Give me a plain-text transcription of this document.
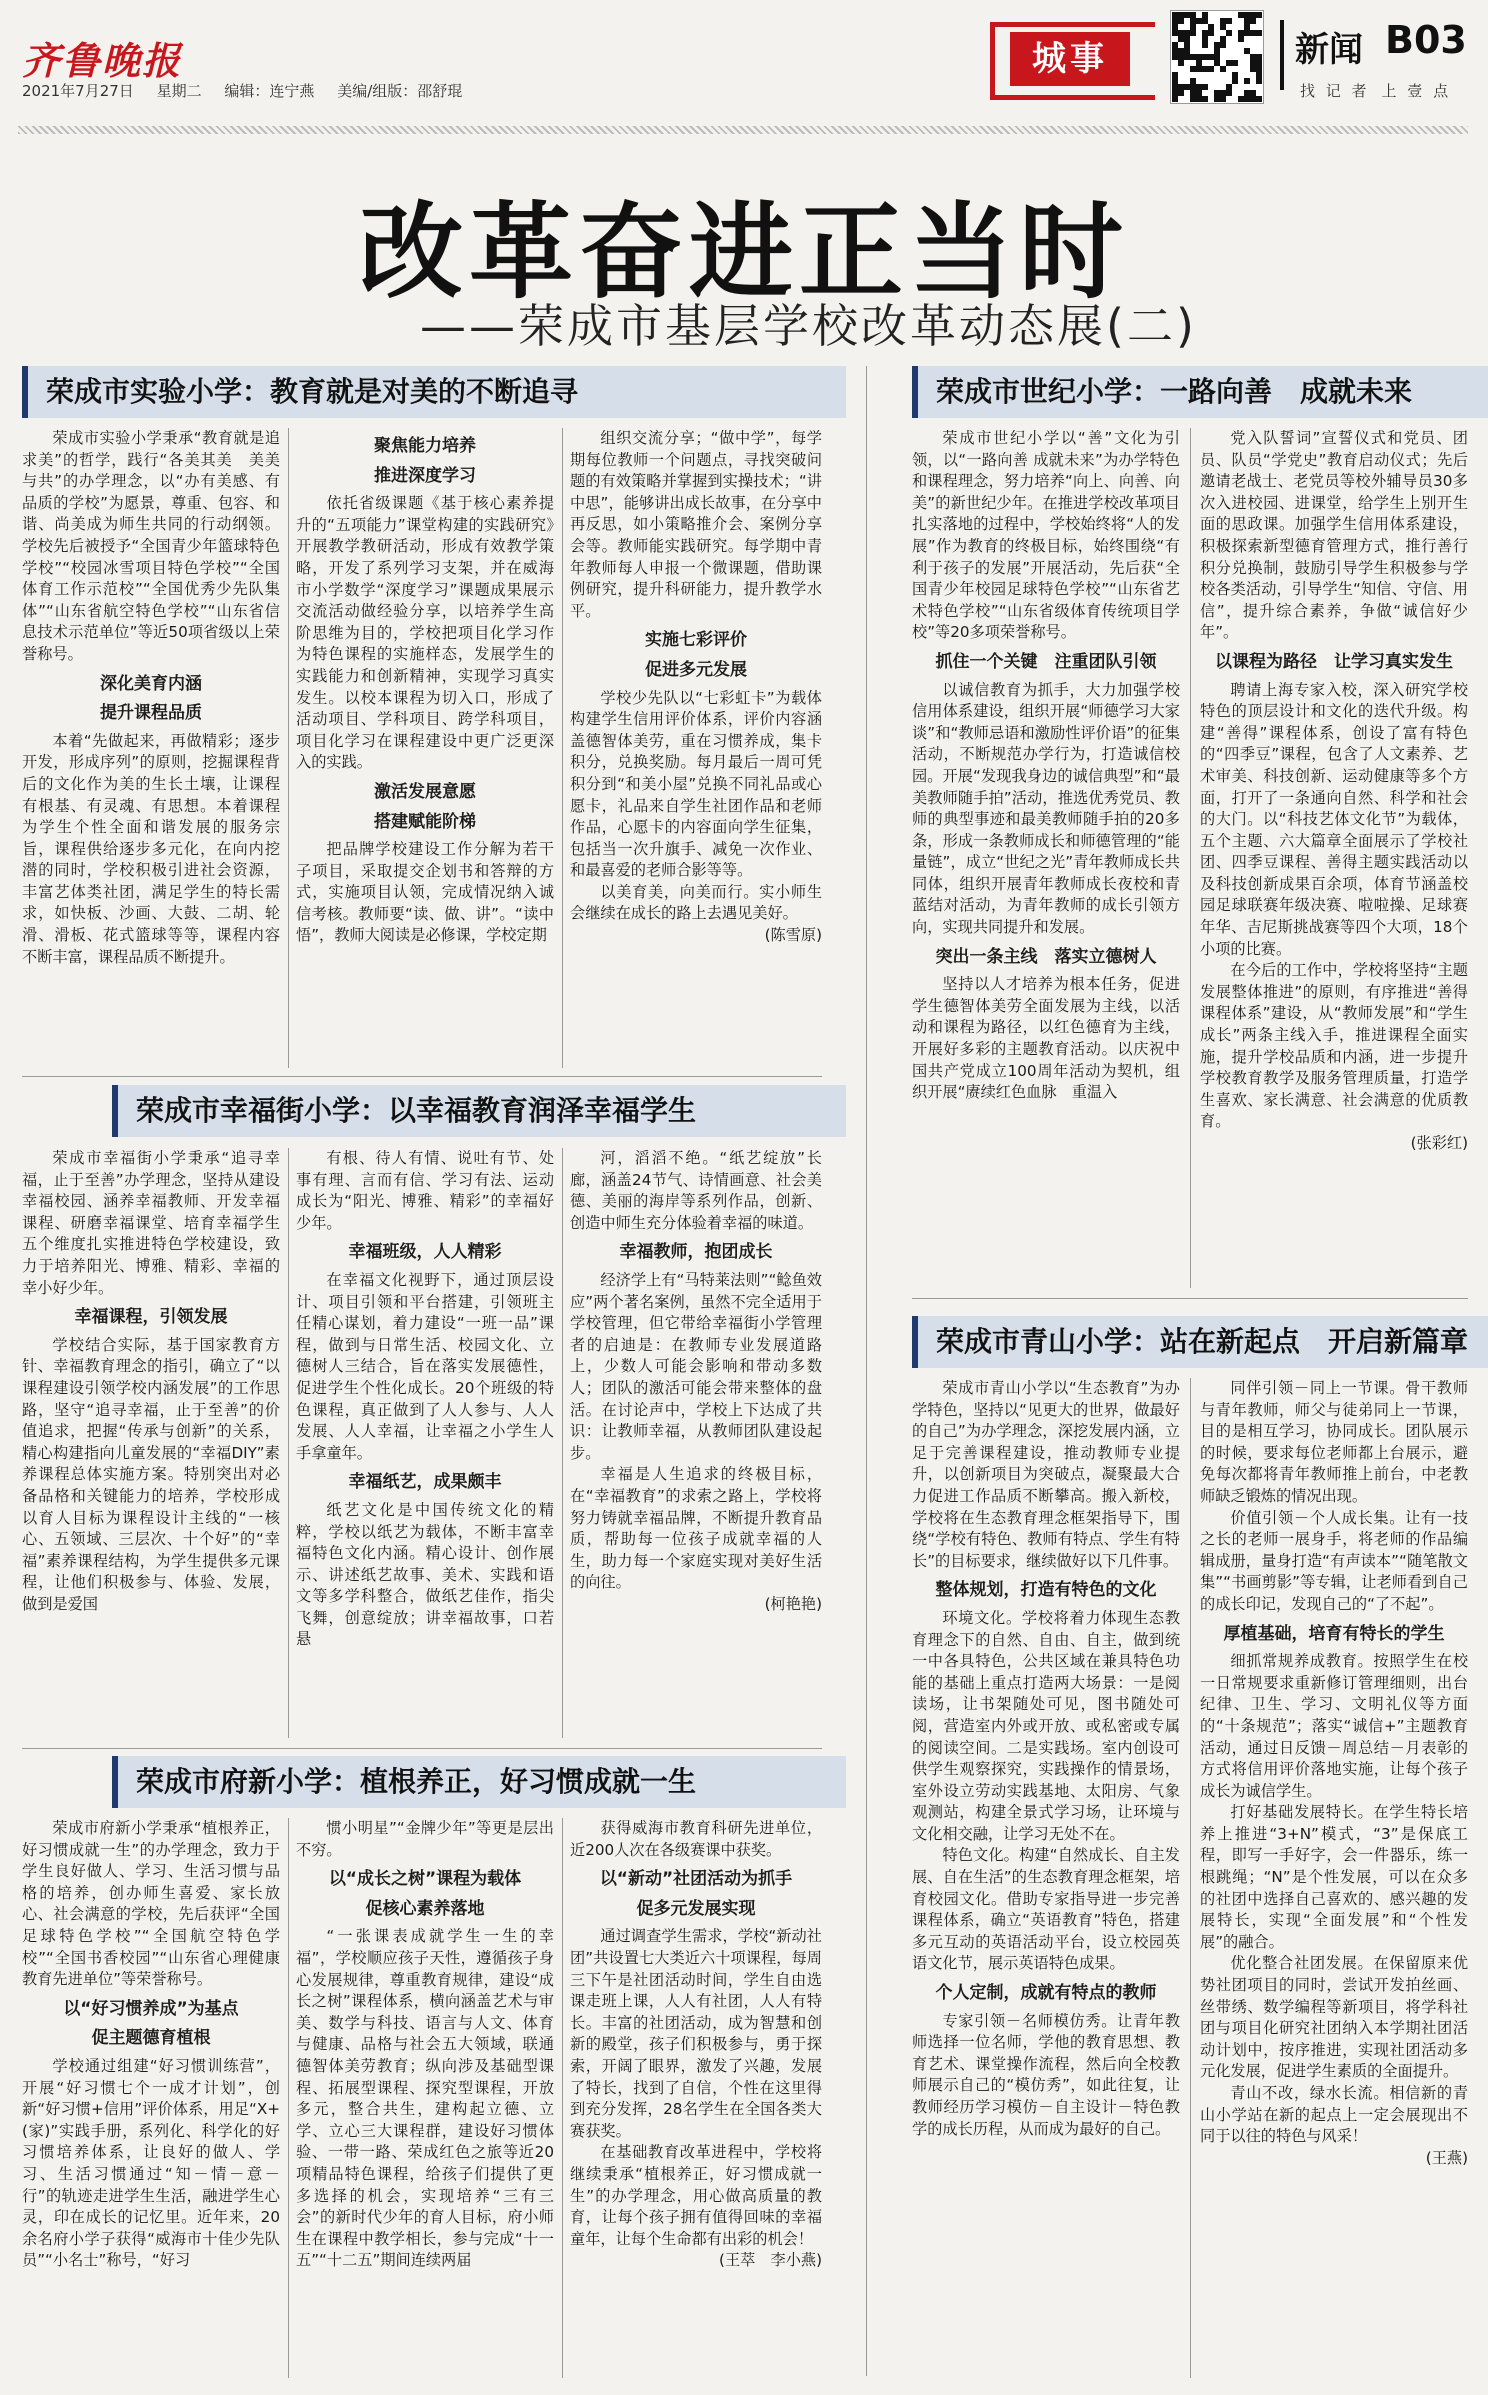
齐鲁晚报
2021年7月27日 星期二 编辑：连宁燕 美编/组版：邵舒琨
城事	新闻 B03
找 记 者　上 壹 点
改革奋进正当时
——荣成市基层学校改革动态展(二)
荣成市实验小学：教育就是对美的不断追寻

荣成市实验小学秉承“教育就是追求美”的哲学，践行“各美其美　美美与共”的办学理念，以“办有美感、有品质的学校”为愿景，尊重、包容、和谐、尚美成为师生共同的行动纲领。学校先后被授予“全国青少年篮球特色学校”“校园冰雪项目特色学校”“全国体育工作示范校”“全国优秀少先队集体”“山东省航空特色学校”“山东省信息技术示范单位”等近50项省级以上荣誉称号。

深化美育内涵
提升课程品质

本着“先做起来，再做精彩；逐步开发，形成序列”的原则，挖掘课程背后的文化作为美的生长土壤，让课程有根基、有灵魂、有思想。本着课程为学生个性全面和谐发展的服务宗旨，课程供给逐步多元化，在向内挖潜的同时，学校积极引进社会资源，丰富艺体类社团，满足学生的特长需求，如快板、沙画、大鼓、二胡、轮滑、滑板、花式篮球等等，课程内容不断丰富，课程品质不断提升。

聚焦能力培养
推进深度学习

依托省级课题《基于核心素养提升的“五项能力”课堂构建的实践研究》开展教学教研活动，形成有效教学策略，开发了系列学习支架，并在威海市小学数学“深度学习”课题成果展示交流活动做经验分享，以培养学生高阶思维为目的，学校把项目化学习作为特色课程的实施样态，发展学生的实践能力和创新精神，实现学习真实发生。以校本课程为切入口，形成了活动项目、学科项目、跨学科项目，项目化学习在课程建设中更广泛更深入的实践。

激活发展意愿
搭建赋能阶梯

把品牌学校建设工作分解为若干子项目，采取提交企划书和答辩的方式，实施项目认领，完成情况纳入诚信考核。教师要“读、做、讲”。“读中悟”，教师大阅读是必修课，学校定期

组织交流分享；“做中学”，每学期每位教师一个问题点，寻找突破问题的有效策略并掌握到实操技术；“讲中思”，能够讲出成长故事，在分享中再反思，如小策略推介会、案例分享会等。教师能实践研究。每学期中青年教师每人申报一个微课题，借助课例研究，提升科研能力，提升教学水平。

实施七彩评价
促进多元发展

学校少先队以“七彩虹卡”为载体构建学生信用评价体系，评价内容涵盖德智体美劳，重在习惯养成，集卡积分，兑换奖励。每月最后一周可凭积分到“和美小屋”兑换不同礼品或心愿卡，礼品来自学生社团作品和老师作品，心愿卡的内容面向学生征集，包括当一次升旗手、减免一次作业、和最喜爱的老师合影等等。

以美育美，向美而行。实小师生会继续在成长的路上去遇见美好。

(陈雪原)

荣成市世纪小学：一路向善　成就未来

荣成市世纪小学以“善”文化为引领，以“一路向善 成就未来”为办学特色和课程理念，努力培养“向上、向善、向美”的新世纪少年。在推进学校改革项目扎实落地的过程中，学校始终将“人的发展”作为教育的终极目标，始终围绕“有利于孩子的发展”开展活动，先后获“全国青少年校园足球特色学校”“山东省艺术特色学校”“山东省级体育传统项目学校”等20多项荣誉称号。

抓住一个关键　注重团队引领

以诚信教育为抓手，大力加强学校信用体系建设，组织开展“师德学习大家谈”和“教师忌语和激励性评价语”的征集活动，不断规范办学行为，打造诚信校园。开展“发现我身边的诚信典型”和“最美教师随手拍”活动，推选优秀党员、教师的典型事迹和最美教师随手拍的20多条，形成一条教师成长和师德管理的“能量链”，成立“世纪之光”青年教师成长共同体，组织开展青年教师成长夜校和青蓝结对活动，为青年教师的成长引领方向，实现共同提升和发展。

突出一条主线　落实立德树人

坚持以人才培养为根本任务，促进学生德智体美劳全面发展为主线，以活动和课程为路径，以红色德育为主线，开展好多彩的主题教育活动。以庆祝中国共产党成立100周年活动为契机，组织开展“赓续红色血脉　重温入

党入队誓词”宣誓仪式和党员、团员、队员“学党史”教育启动仪式；先后邀请老战士、老党员等校外辅导员30多次入进校园、进课堂，给学生上别开生面的思政课。加强学生信用体系建设，积极探索新型德育管理方式，推行善行积分兑换制，鼓励引导学生积极参与学校各类活动，引导学生“知信、守信、用信”，提升综合素养，争做“诚信好少年”。

以课程为路径　让学习真实发生

聘请上海专家入校，深入研究学校特色的顶层设计和文化的迭代升级。构建“善得”课程体系，创设了富有特色的“四季豆”课程，包含了人文素养、艺术审美、科技创新、运动健康等多个方面，打开了一条通向自然、科学和社会的大门。以“科技艺体文化节”为载体，五个主题、六大篇章全面展示了学校社团、四季豆课程、善得主题实践活动以及科技创新成果百余项，体育节涵盖校园足球联赛年级决赛、啦啦操、足球赛年华、吉尼斯挑战赛等四个大项，18个小项的比赛。

在今后的工作中，学校将坚持“主题发展整体推进”的原则，有序推进“善得课程体系”建设，从“教师发展”和“学生成长”两条主线入手，推进课程全面实施，提升学校品质和内涵，进一步提升学校教育教学及服务管理质量，打造学生喜欢、家长满意、社会满意的优质教育。

(张彩红)

荣成市幸福街小学：以幸福教育润泽幸福学生

荣成市幸福街小学秉承“追寻幸福，止于至善”办学理念，坚持从建设幸福校园、涵养幸福教师、开发幸福课程、研磨幸福课堂、培育幸福学生五个维度扎实推进特色学校建设，致力于培养阳光、博雅、精彩、幸福的幸小好少年。

幸福课程，引领发展

学校结合实际，基于国家教育方针、幸福教育理念的指引，确立了“以课程建设引领学校内涵发展”的工作思路，坚守“追寻幸福，止于至善”的价值追求，把握“传承与创新”的关系，精心构建指向儿童发展的“幸福DIY”素养课程总体实施方案。特别突出对必备品格和关键能力的培养，学校形成以育人目标为课程设计主线的“一核心、五领域、三层次、十个好”的“幸福”素养课程结构，为学生提供多元课程，让他们积极参与、体验、发展，做到是爱国

有根、待人有情、说吐有节、处事有理、言而有信、学习有法、运动成长为“阳光、博雅、精彩”的幸福好少年。

幸福班级，人人精彩

在幸福文化视野下，通过顶层设计、项目引领和平台搭建，引领班主任精心谋划，着力建设“一班一品”课程，做到与日常生活、校园文化、立德树人三结合，旨在落实发展德性，促进学生个性化成长。20个班级的特色课程，真正做到了人人参与、人人发展、人人幸福，让幸福之小学生人手拿童年。

幸福纸艺，成果颇丰

纸艺文化是中国传统文化的精粹，学校以纸艺为载体，不断丰富幸福特色文化内涵。精心设计、创作展示、讲述纸艺故事、美术、实践和语文等多学科整合，做纸艺佳作，指尖飞舞，创意绽放；讲幸福故事，口若悬

河，滔滔不绝。“纸艺绽放”长廊，涵盖24节气、诗情画意、社会美德、美丽的海岸等系列作品，创新、创造中师生充分体验着幸福的味道。

幸福教师，抱团成长

经济学上有“马特莱法则”“鲶鱼效应”两个著名案例，虽然不完全适用于学校管理，但它带给幸福街小学管理者的启迪是：在教师专业发展道路上，少数人可能会影响和带动多数人；团队的激活可能会带来整体的盘活。在讨论声中，学校上下达成了共识：让教师幸福，从教师团队建设起步。

幸福是人生追求的终极目标，在“幸福教育”的求索之路上，学校将努力铸就幸福品牌，不断提升教育品质，帮助每一位孩子成就幸福的人生，助力每一个家庭实现对美好生活的向往。

(柯艳艳)

荣成市青山小学：站在新起点　开启新篇章

荣成市青山小学以“生态教育”为办学特色，坚持以“见更大的世界，做最好的自己”为办学理念，深挖发展内涵，立足于完善课程建设，推动教师专业提升，以创新项目为突破点，凝聚最大合力促进工作品质不断攀高。搬入新校，学校将在生态教育理念框架指导下，围绕“学校有特色、教师有特点、学生有特长”的目标要求，继续做好以下几件事。

整体规划，打造有特色的文化

环境文化。学校将着力体现生态教育理念下的自然、自由、自主，做到统一中各具特色，公共区域在兼具特色功能的基础上重点打造两大场景：一是阅读场，让书架随处可见，图书随处可阅，营造室内外或开放、或私密或专属的阅读空间。二是实践场。室内创设可供学生观察探究，实践操作的情景场，室外设立劳动实践基地、太阳房、气象观测站，构建全景式学习场，让环境与文化相交融，让学习无处不在。

特色文化。构建“自然成长、自主发展、自在生活”的生态教育理念框架，培育校园文化。借助专家指导进一步完善课程体系，确立“英语教育”特色，搭建多元互动的英语活动平台，设立校园英语文化节，展示英语特色成果。

个人定制，成就有特点的教师

专家引领－名师模仿秀。让青年教师选择一位名师，学他的教育思想、教育艺术、课堂操作流程，然后向全校教师展示自己的“模仿秀”，如此往复，让教师经历学习模仿－自主设计－特色教学的成长历程，从而成为最好的自己。

同伴引领－同上一节课。骨干教师与青年教师，师父与徒弟同上一节课，目的是相互学习，协同成长。团队展示的时候，要求每位老师都上台展示，避免每次都将青年教师推上前台，中老教师缺乏锻炼的情况出现。

价值引领－个人成长集。让有一技之长的老师一展身手，将老师的作品编辑成册，量身打造“有声读本”“随笔散文集”“书画剪影”等专辑，让老师看到自己的成长印记，发现自己的“了不起”。

厚植基础，培育有特长的学生

细抓常规养成教育。按照学生在校一日常规要求重新修订管理细则，出台纪律、卫生、学习、文明礼仪等方面的“十条规范”；落实“诚信+”主题教育活动，通过日反馈－周总结－月表彰的方式将信用评价落地实施，让每个孩子成长为诚信学生。

打好基础发展特长。在学生特长培养上推进“3+N”模式，“3”是保底工程，即写一手好字，会一件器乐，练一根跳绳；“N”是个性发展，可以在众多的社团中选择自己喜欢的、感兴趣的发展特长，实现“全面发展”和“个性发展”的融合。

优化整合社团发展。在保留原来优势社团项目的同时，尝试开发拍丝画、丝带绣、数学编程等新项目，将学科社团与项目化研究社团纳入本学期社团活动计划中，按序推进，实现社团活动多元化发展，促进学生素质的全面提升。

青山不改，绿水长流。相信新的青山小学站在新的起点上一定会展现出不同于以往的特色与风采！

(王燕)

荣成市府新小学：植根养正，好习惯成就一生

荣成市府新小学秉承“植根养正，好习惯成就一生”的办学理念，致力于学生良好做人、学习、生活习惯与品格的培养，创办师生喜爱、家长放心、社会满意的学校，先后获评“全国足球特色学校”“全国航空特色学校”“全国书香校园”“山东省心理健康教育先进单位”等荣誉称号。

以“好习惯养成”为基点
促主题德育植根

学校通过组建“好习惯训练营”，开展“好习惯七个一成才计划”，创新“好习惯+信用”评价体系，用足“X+(家)”实践手册，系列化、科学化的好习惯培养体系，让良好的做人、学习、生活习惯通过“知－情－意－行”的轨迹走进学生生活，融进学生心灵，印在成长的记忆里。近年来，20余名府小学子获得“威海市十佳少先队员”“小名士”称号，“好习

惯小明星”“金牌少年”等更是层出不穷。

以“成长之树”课程为载体
促核心素养落地

“一张课表成就学生一生的幸福”，学校顺应孩子天性，遵循孩子身心发展规律，尊重教育规律，建设“成长之树”课程体系，横向涵盖艺术与审美、数学与科技、语言与人文、体育与健康、品格与社会五大领域，联通德智体美劳教育；纵向涉及基础型课程、拓展型课程、探究型课程，开放多元，整合共生，建构起立德、立学、立心三大课程群，建设好习惯体验、一带一路、荣成红色之旅等近20项精品特色课程，给孩子们提供了更多选择的机会，实现培养“三有三会”的新时代少年的育人目标，府小师生在课程中教学相长，参与完成“十一五”“十二五”期间连续两届

获得威海市教育科研先进单位，近200人次在各级赛课中获奖。

以“新动”社团活动为抓手
促多元发展实现

通过调查学生需求，学校“新动社团”共设置七大类近六十项课程，每周三下午是社团活动时间，学生自由选课走班上课，人人有社团，人人有特长。丰富的社团活动，成为智慧和创新的殿堂，孩子们积极参与，勇于探索，开阔了眼界，激发了兴趣，发展了特长，找到了自信，个性在这里得到充分发挥，28名学生在全国各类大赛获奖。

在基础教育改革进程中，学校将继续秉承“植根养正，好习惯成就一生”的办学理念，用心做高质量的教育，让每个孩子拥有值得回味的幸福童年，让每个生命都有出彩的机会！

(王萃　李小燕)
